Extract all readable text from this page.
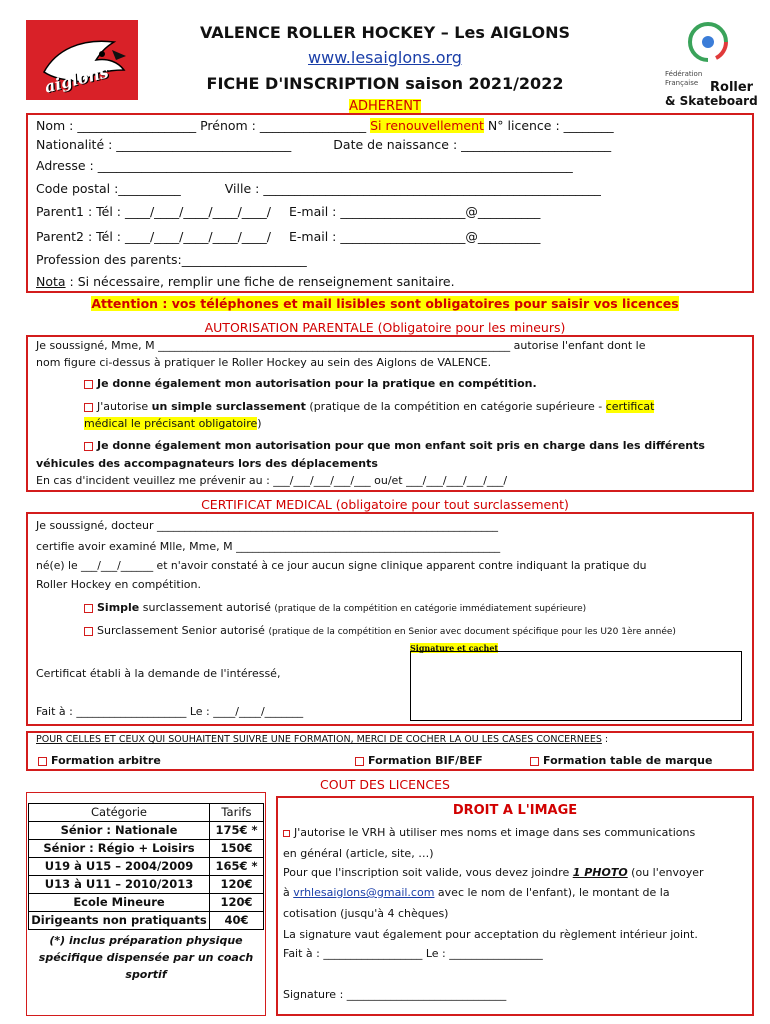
aiglons
VALENCE ROLLER HOCKEY – Les AIGLONS
www.lesaiglons.org
FICHE D'INSCRIPTION saison 2021/2022	Fédération
Française Roller
& Skateboard
ADHERENT
Nom : ___________________ Prénom : _________________ Si renouvellement N° licence : ________
Nationalité : ____________________________	Date de naissance : ________________________
Adresse : ____________________________________________________________________________
Code postal :__________	Ville : ______________________________________________________
Parent1 : Tél : ____/____/____/____/____/ E-mail : ____________________@__________
Parent2 : Tél : ____/____/____/____/____/ E-mail : ____________________@__________
Profession des parents:____________________
Nota : Si nécessaire, remplir une fiche de renseignement sanitaire.
Attention : vos téléphones et mail lisibles sont obligatoires pour saisir vos licences
AUTORISATION PARENTALE (Obligatoire pour les mineurs)
Je soussigné, Mme, M ________________________________________________________________ autorise l'enfant dont le
nom figure ci-dessus à pratiquer le Roller Hockey au sein des Aiglons de VALENCE.
Je donne également mon autorisation pour la pratique en compétition.
J'autorise un simple surclassement (pratique de la compétition en catégorie supérieure - certificat
médical le précisant obligatoire)
Je donne également mon autorisation pour que mon enfant soit pris en charge dans les différents
véhicules des accompagnateurs lors des déplacements
En cas d'incident veuillez me prévenir au : ___/___/___/___/___ ou/et ___/___/___/___/___/
CERTIFICAT MEDICAL (obligatoire pour tout surclassement)
Je soussigné, docteur ______________________________________________________________
certifie avoir examiné Mlle, Mme, M ________________________________________________
né(e) le ___/___/______ et n'avoir constaté à ce jour aucun signe clinique apparent contre indiquant la pratique du
Roller Hockey en compétition.
Simple surclassement autorisé (pratique de la compétition en catégorie immédiatement supérieure)
Surclassement Senior autorisé (pratique de la compétition en Senior avec document spécifique pour les U20 1ère année)
Signature et cachet
Certificat établi à la demande de l'intéressé,
Fait à : ____________________ Le : ____/____/_______
POUR CELLES ET CEUX QUI SOUHAITENT SUIVRE UNE FORMATION, MERCI DE COCHER LA OU LES CASES CONCERNEES :
Formation arbitre	Formation BIF/BEF	Formation table de marque
COUT DES LICENCES
Catégorie	Tarifs
Sénior : Nationale	175€ *
Sénior : Régio + Loisirs	150€
U19 à U15 – 2004/2009	165€ *
U13 à U11 – 2010/2013	120€
Ecole Mineure	120€
Dirigeants non pratiquants	40€
(*) inclus préparation physique spécifique dispensée par un coach sportif
DROIT A L'IMAGE
J'autorise le VRH à utiliser mes noms et image dans ses communications
en général (article, site, …)
Pour que l'inscription soit valide, vous devez joindre 1 PHOTO (ou l'envoyer
à vrhlesaiglons@gmail.com avec le nom de l'enfant), le montant de la
cotisation (jusqu'à 4 chèques)
La signature vaut également pour acceptation du règlement intérieur joint.
Fait à : __________________ Le : _________________
Signature : _____________________________
